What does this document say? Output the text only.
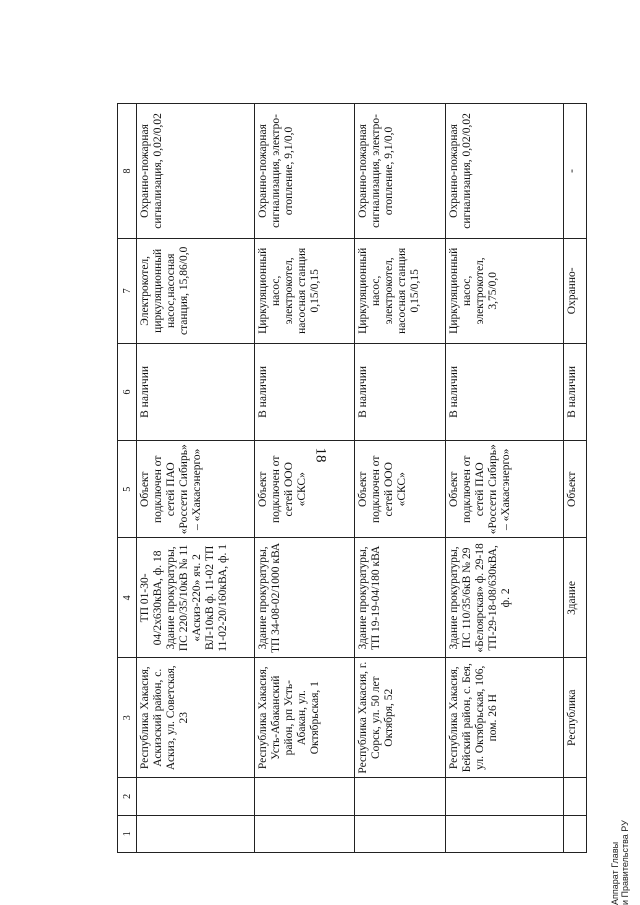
18
1	2	3	4	5	6	7	8
		Республика Хакасия, Аскизский район, с. Аскиз, ул. Советская, 23	ТП 01-30-04/2х630кВА, ф. 18 Здание прокуратуры, ПС 220/35/10кВ № 11 «Аскиз-220» яч. 2 ВЛ-10кВ ф. 11-02 ТП 11-02-20/160кВА, ф. 1	Объект подключен от сетей ПАО «Россети Сибирь» – «Хакасэнерго»	В наличии	Электрокотел, циркуляционный насос,насосная станция, 15,86/0,0	Охранно-пожарная сигнализация, 0,02/0,02
		Республика Хакасия, Усть-Абаканский район, рп Усть-Абакан, ул. Октябрьская, 1	Здание прокуратуры, ТП 34-08-02/1000 кВА	Объект подключен от сетей ООО «СКС»	В наличии	Циркуляционный насос, электрокотел, насосная станция 0,15/0,15	Охранно-пожарная сигнализация, электро-отопление, 9,1/0,0
		Республика Хакасия, г. Сорск, ул. 50 лет Октября, 52	Здание прокуратуры, ТП 19-19-04/180 кВА	Объект подключен от сетей ООО «СКС»	В наличии	Циркуляционный насос, электрокотел, насосная станция 0,15/0,15	Охранно-пожарная сигнализация, электро-отопление, 9,1/0,0
		Республика Хакасия, Бейский район, с. Бея, ул. Октябрьская, 106, пом. 26 Н	Здание прокуратуры, ПС 110/35/6кВ № 29 «Белоярская» ф. 29-18 ТП-29-18-08/630кВА, ф. 2	Объект подключен от сетей ПАО «Россети Сибирь» – «Хакасэнерго»	В наличии	Циркуляционный насос, электрокотел, 3,75/0,0	Охранно-пожарная сигнализация, 0,02/0,02
		Республика	Здание	Объект	В наличии	Охранно-	-
Аппарат Главы и Правительства РУ
